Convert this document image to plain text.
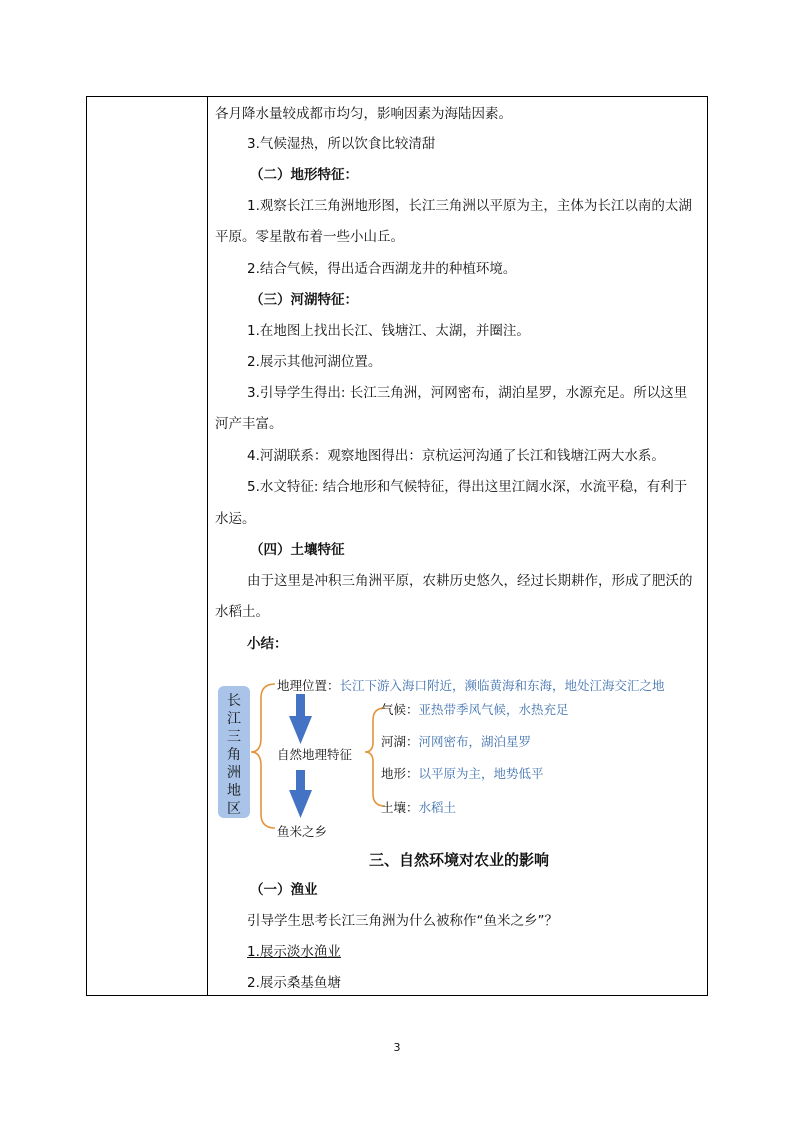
各月降水量较成都市均匀，影响因素为海陆因素。
3.气候湿热，所以饮食比较清甜
（二）地形特征：
1.观察长江三角洲地形图，长江三角洲以平原为主，主体为长江以南的太湖
平原。零星散布着一些小山丘。
2.结合气候，得出适合西湖龙井的种植环境。
（三）河湖特征：
1.在地图上找出长江、钱塘江、太湖，并圈注。
2.展示其他河湖位置。
3.引导学生得出: 长江三角洲，河网密布，湖泊星罗，水源充足。所以这里
河产丰富。
4.河湖联系：观察地图得出：京杭运河沟通了长江和钱塘江两大水系。
5.水文特征: 结合地形和气候特征，得出这里江阔水深，水流平稳，有利于
水运。
（四）土壤特征
由于这里是冲积三角洲平原，农耕历史悠久，经过长期耕作，形成了肥沃的
水稻土。
小结：
三、自然环境对农业的影响
（一）渔业
引导学生思考长江三角洲为什么被称作“鱼米之乡”？
1.展示淡水渔业
2.展示桑基鱼塘
长
江
三
角
洲
地
区
地理位置：长江下游入海口附近，濒临黄海和东海，地处江海交汇之地
自然地理特征
气候：亚热带季风气候，水热充足
河湖：河网密布，湖泊星罗
地形：以平原为主，地势低平
土壤：水稻土
鱼米之乡
3
